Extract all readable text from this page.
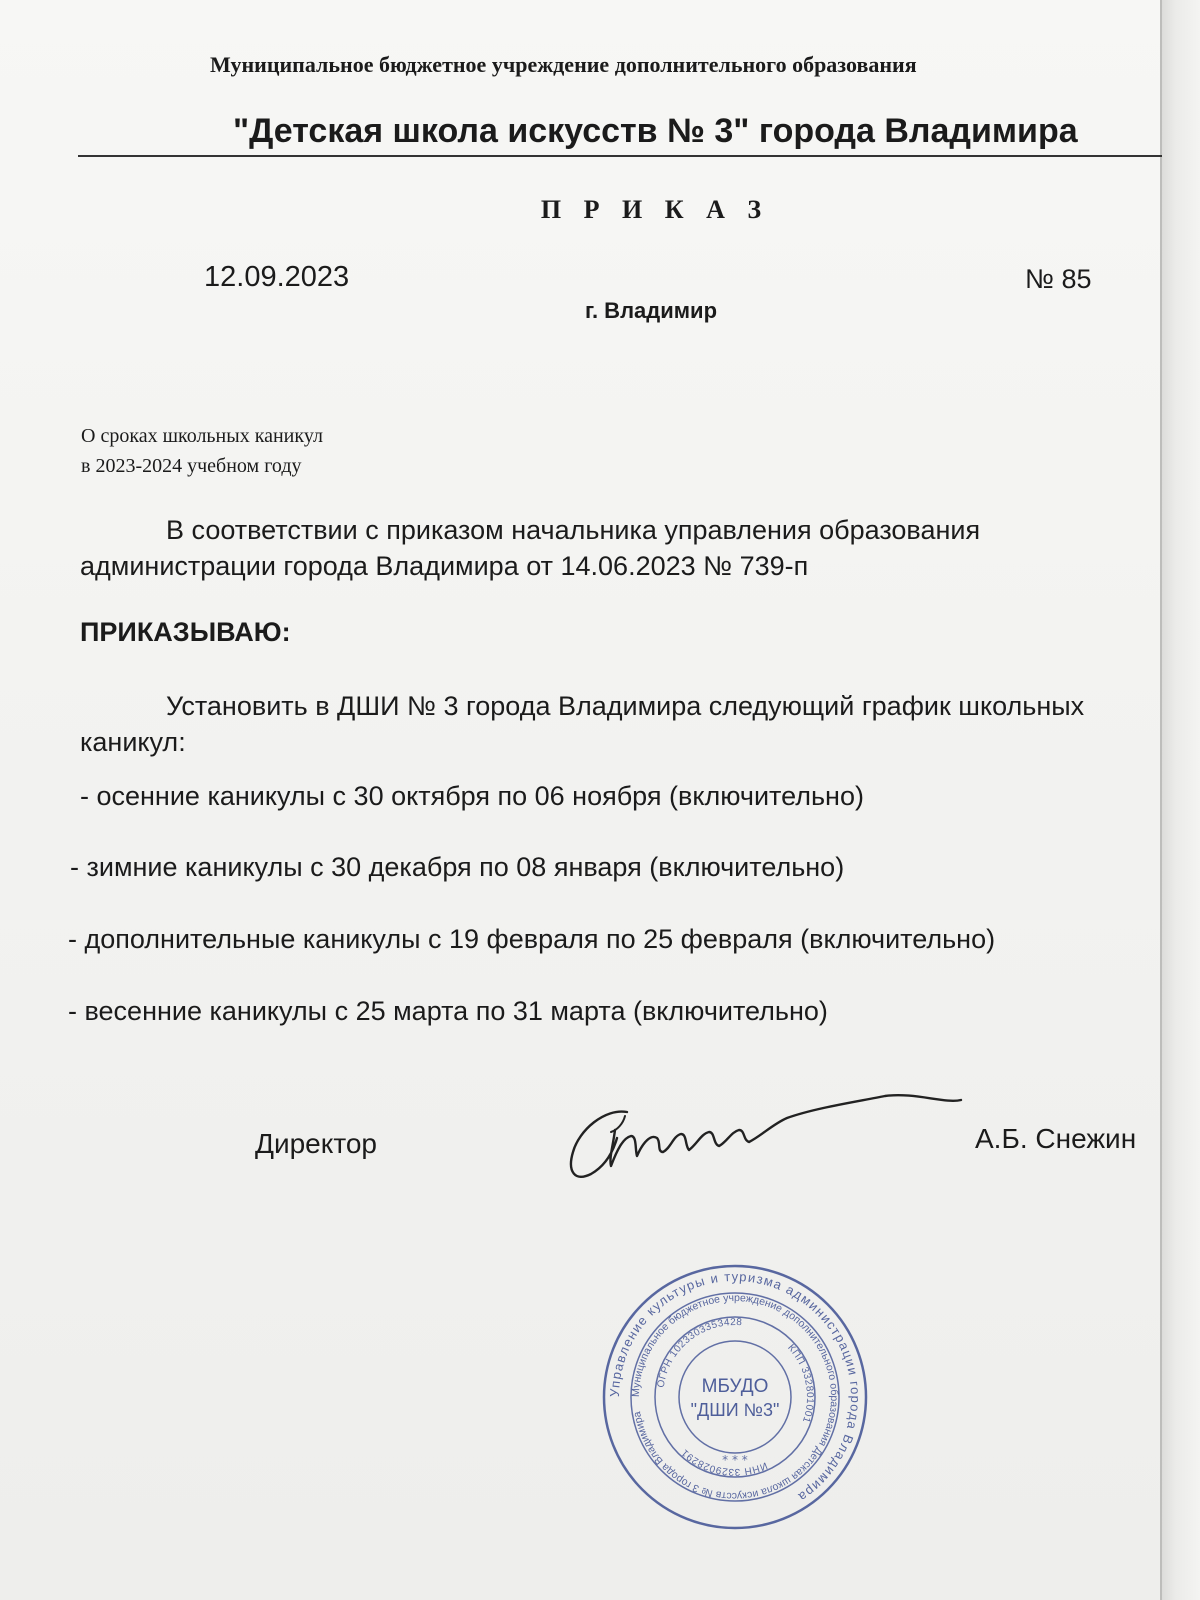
Муниципальное бюджетное учреждение дополнительного образования

"Детская школа искусств № 3" города Владимира

П Р И К А З

12.09.2023	№ 85

г. Владимир

О сроках школьных каникул
в 2023-2024 учебном году
В соответствии с приказом начальника управления образования
администрации города Владимира от 14.06.2023 № 739-п

ПРИКАЗЫВАЮ:

Установить в ДШИ № 3 города Владимира следующий график школьных
каникул:

- осенние каникулы с 30 октября по 06 ноября (включительно)

- зимние каникулы с 30 декабря по 08 января (включительно)

- дополнительные каникулы с 19 февраля по 25 февраля (включительно)

- весенние каникулы с 25 марта по 31 марта (включительно)

Директор	А.Б. Снежин

Управление культуры и туризма администрации города Владимира
Муниципальное бюджетное учреждение дополнительного образования Детская школа искусств № 3 города Владимира
ОГРН 1023303353428
КПП 332801001
ИНН 3329028291
МБУДО
"ДШИ №3"
* * *
